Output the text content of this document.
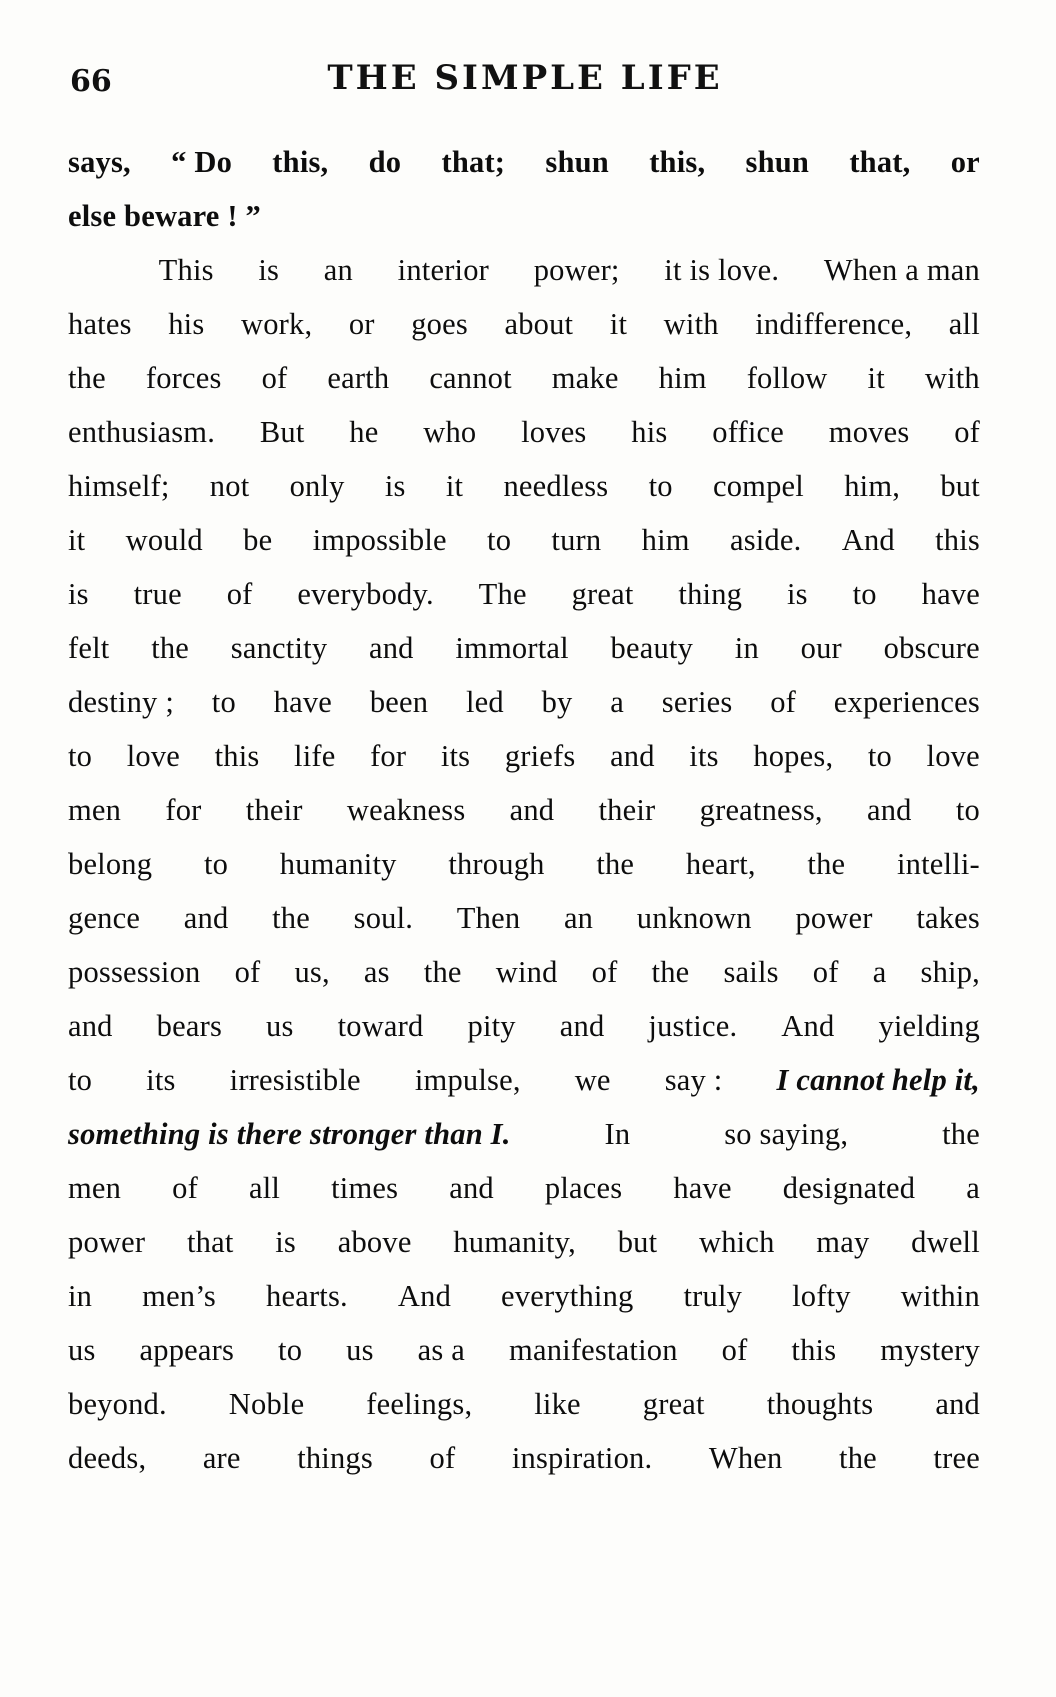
66	THE SIMPLE LIFE
says, “ Do this, do that; shun this, shun that, or
else beware ! ”
This is an interior power; it is love. When a man
hates his work, or goes about it with indifference, all
the forces of earth cannot make him follow it with
enthusiasm. But he who loves his office moves of
himself; not only is it needless to compel him, but
it would be impossible to turn him aside. And this
is true of everybody. The great thing is to have
felt the sanctity and immortal beauty in our obscure
destiny ; to have been led by a series of experiences
to love this life for its griefs and its hopes, to love
men for their weakness and their greatness, and to
belong to humanity through the heart, the intelli-
gence and the soul. Then an unknown power takes
possession of us, as the wind of the sails of a ship,
and bears us toward pity and justice. And yielding
to its irresistible impulse, we say : I cannot help it,
something is there stronger than I.	In	so saying,	the
men of all times and places have designated a
power that is above humanity, but which may dwell
in men’s hearts. And everything truly lofty within
us appears to us as a manifestation of this mystery
beyond. Noble feelings, like great thoughts and
deeds, are things of inspiration. When the tree
